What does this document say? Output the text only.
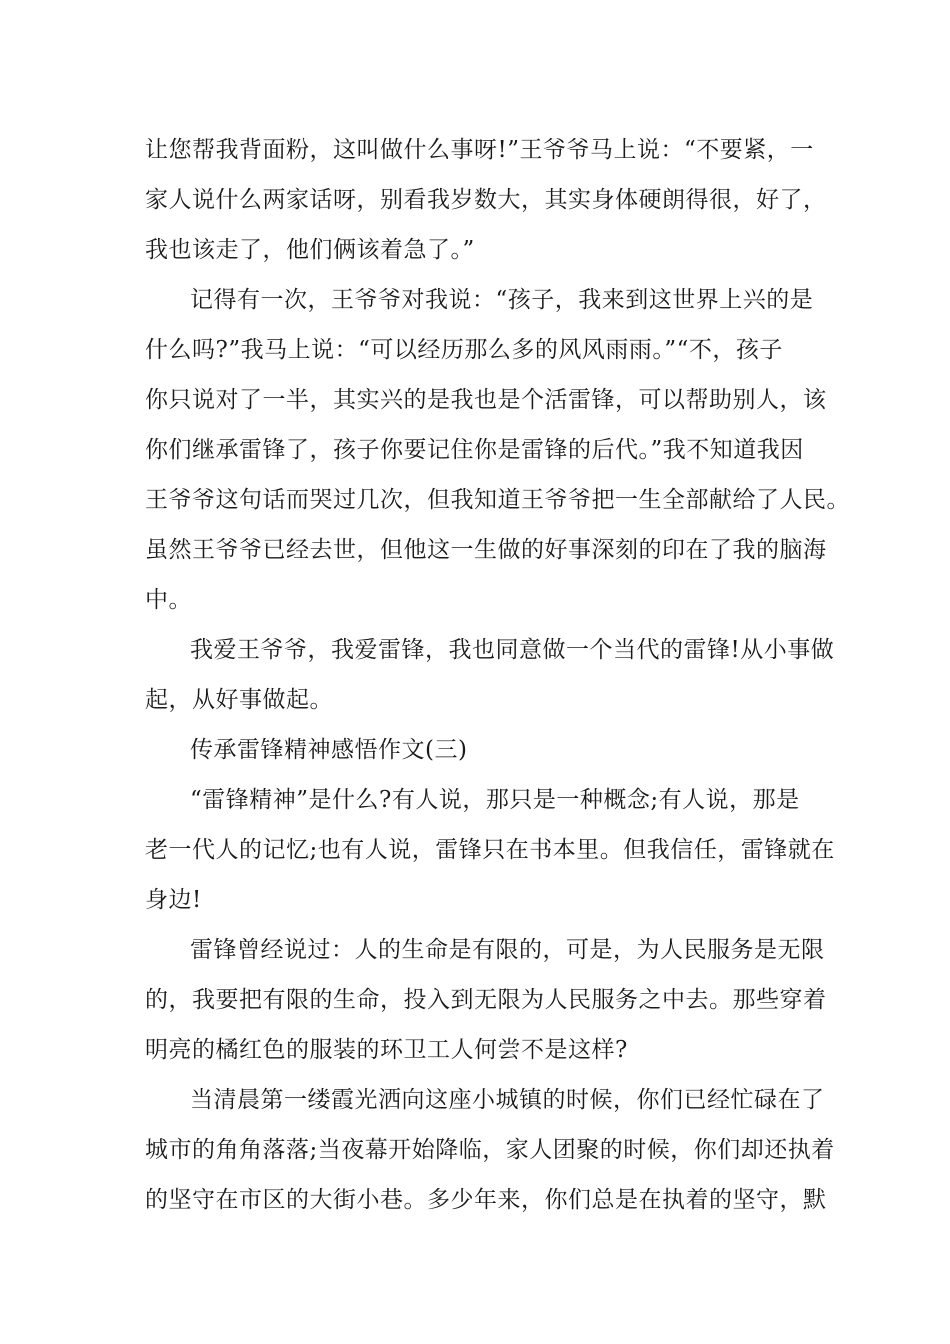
让您帮我背面粉，这叫做什么事呀!”王爷爷马上说：“不要紧，一
家人说什么两家话呀，别看我岁数大，其实身体硬朗得很，好了，
我也该走了，他们俩该着急了。”
记得有一次，王爷爷对我说：“孩子，我来到这世界上兴的是
什么吗?”我马上说：“可以经历那么多的风风雨雨。”“不，孩子
你只说对了一半，其实兴的是我也是个活雷锋，可以帮助别人，该
你们继承雷锋了，孩子你要记住你是雷锋的后代。”我不知道我因
王爷爷这句话而哭过几次，但我知道王爷爷把一生全部献给了人民。
虽然王爷爷已经去世，但他这一生做的好事深刻的印在了我的脑海
中。
我爱王爷爷，我爱雷锋，我也同意做一个当代的雷锋!从小事做
起，从好事做起。
传承雷锋精神感悟作文(三)
“雷锋精神”是什么?有人说，那只是一种概念;有人说，那是
老一代人的记忆;也有人说，雷锋只在书本里。但我信任，雷锋就在
身边!
雷锋曾经说过：人的生命是有限的，可是，为人民服务是无限
的，我要把有限的生命，投入到无限为人民服务之中去。那些穿着
明亮的橘红色的服装的环卫工人何尝不是这样?
当清晨第一缕霞光洒向这座小城镇的时候，你们已经忙碌在了
城市的角角落落;当夜幕开始降临，家人团聚的时候，你们却还执着
的坚守在市区的大街小巷。多少年来，你们总是在执着的坚守，默
